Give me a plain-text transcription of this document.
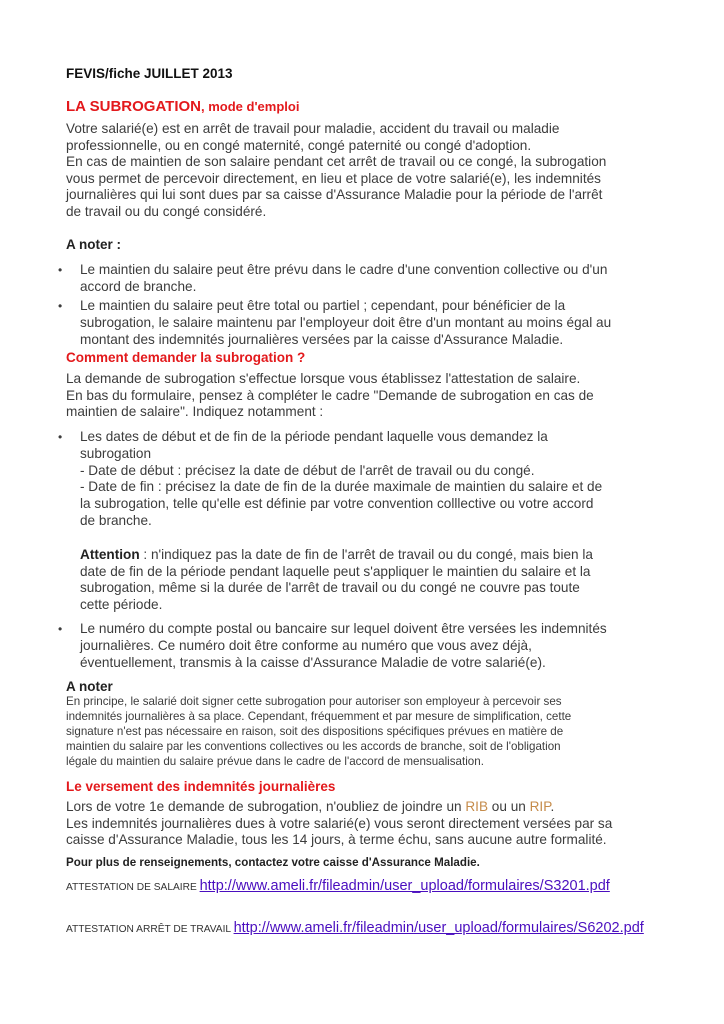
FEVIS/fiche JUILLET 2013
LA SUBROGATION, mode d'emploi
Votre salarié(e) est en arrêt de travail pour maladie, accident du travail ou maladie
professionnelle, ou en congé maternité, congé paternité ou congé d'adoption.
En cas de maintien de son salaire pendant cet arrêt de travail ou ce congé, la subrogation
vous permet de percevoir directement, en lieu et place de votre salarié(e), les indemnités
journalières qui lui sont dues par sa caisse d'Assurance Maladie pour la période de l'arrêt
de travail ou du congé considéré.
A noter :
• Le maintien du salaire peut être prévu dans le cadre d'une convention collective ou d'un
accord de branche.
• Le maintien du salaire peut être total ou partiel ; cependant, pour bénéficier de la
subrogation, le salaire maintenu par l'employeur doit être d'un montant au moins égal au
montant des indemnités journalières versées par la caisse d'Assurance Maladie.
Comment demander la subrogation ?
La demande de subrogation s'effectue lorsque vous établissez l'attestation de salaire.
En bas du formulaire, pensez à compléter le cadre "Demande de subrogation en cas de
maintien de salaire". Indiquez notamment :
• Les dates de début et de fin de la période pendant laquelle vous demandez la
subrogation
- Date de début : précisez la date de début de l'arrêt de travail ou du congé.
- Date de fin : précisez la date de fin de la durée maximale de maintien du salaire et de
la subrogation, telle qu'elle est définie par votre convention colllective ou votre accord
de branche.
Attention : n'indiquez pas la date de fin de l'arrêt de travail ou du congé, mais bien la
date de fin de la période pendant laquelle peut s'appliquer le maintien du salaire et la
subrogation, même si la durée de l'arrêt de travail ou du congé ne couvre pas toute
cette période.
• Le numéro du compte postal ou bancaire sur lequel doivent être versées les indemnités
journalières. Ce numéro doit être conforme au numéro que vous avez déjà,
éventuellement, transmis à la caisse d'Assurance Maladie de votre salarié(e).
A noter
En principe, le salarié doit signer cette subrogation pour autoriser son employeur à percevoir ses
indemnités journalières à sa place. Cependant, fréquemment et par mesure de simplification, cette
signature n'est pas nécessaire en raison, soit des dispositions spécifiques prévues en matière de
maintien du salaire par les conventions collectives ou les accords de branche, soit de l'obligation
légale du maintien du salaire prévue dans le cadre de l'accord de mensualisation.
Le versement des indemnités journalières
Lors de votre 1e demande de subrogation, n'oubliez de joindre un RIB ou un RIP.
Les indemnités journalières dues à votre salarié(e) vous seront directement versées par sa
caisse d'Assurance Maladie, tous les 14 jours, à terme échu, sans aucune autre formalité.
Pour plus de renseignements, contactez votre caisse d'Assurance Maladie.
ATTESTATION DE SALAIRE http://www.ameli.fr/fileadmin/user_upload/formulaires/S3201.pdf
ATTESTATION ARRÊT DE TRAVAIL http://www.ameli.fr/fileadmin/user_upload/formulaires/S6202.pdf
